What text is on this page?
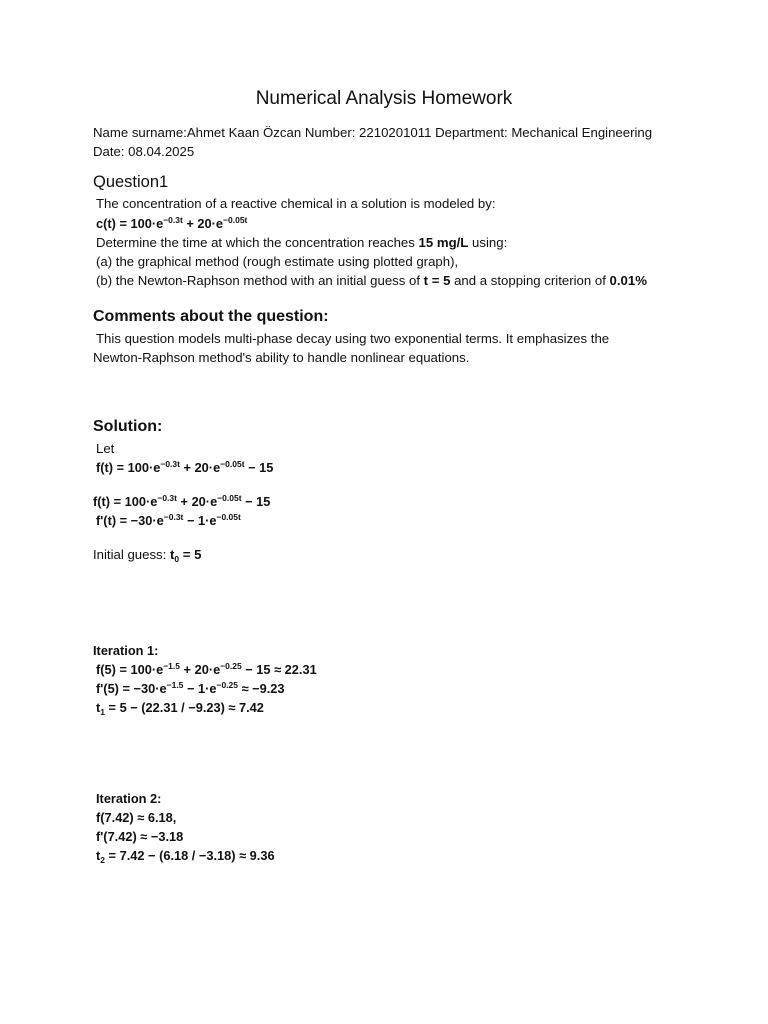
Numerical Analysis Homework
Name surname:Ahmet Kaan Özcan Number: 2210201011 Department: Mechanical Engineering
Date: 08.04.2025
Question1
The concentration of a reactive chemical in a solution is modeled by:
$c(t) = 100\cdot e^{-0.3t} + 20\cdot e^{-0.05t}$
Determine the time at which the concentration reaches 15 mg/L using:
(a) the graphical method (rough estimate using plotted graph),
(b) the Newton-Raphson method with an initial guess of t = 5 and a stopping criterion of 0.01%
Comments about the question:
This question models multi-phase decay using two exponential terms. It emphasizes the
Newton-Raphson method's ability to handle nonlinear equations.
Solution:
Let
$f(t) = 100\cdot e^{-0.3t} + 20\cdot e^{-0.05t} - 15$
$f(t) = 100\cdot e^{-0.3t} + 20\cdot e^{-0.05t} - 15$
$f'(t) = -30\cdot e^{-0.3t} - 1\cdot e^{-0.05t}$
Initial guess: $t_0 = 5$
Iteration 1:
$f(5) = 100\cdot e^{-1.5} + 20\cdot e^{-0.25} - 15 \approx 22.31$
$f'(5) = -30\cdot e^{-1.5} - 1\cdot e^{-0.25} \approx -9.23$
$t_1 = 5 - (22.31 / -9.23) \approx 7.42$
Iteration 2:
f(7.42) ≈ 6.18,
f'(7.42) ≈ −3.18
$t_2 = 7.42 - (6.18 / -3.18) \approx 9.36$
